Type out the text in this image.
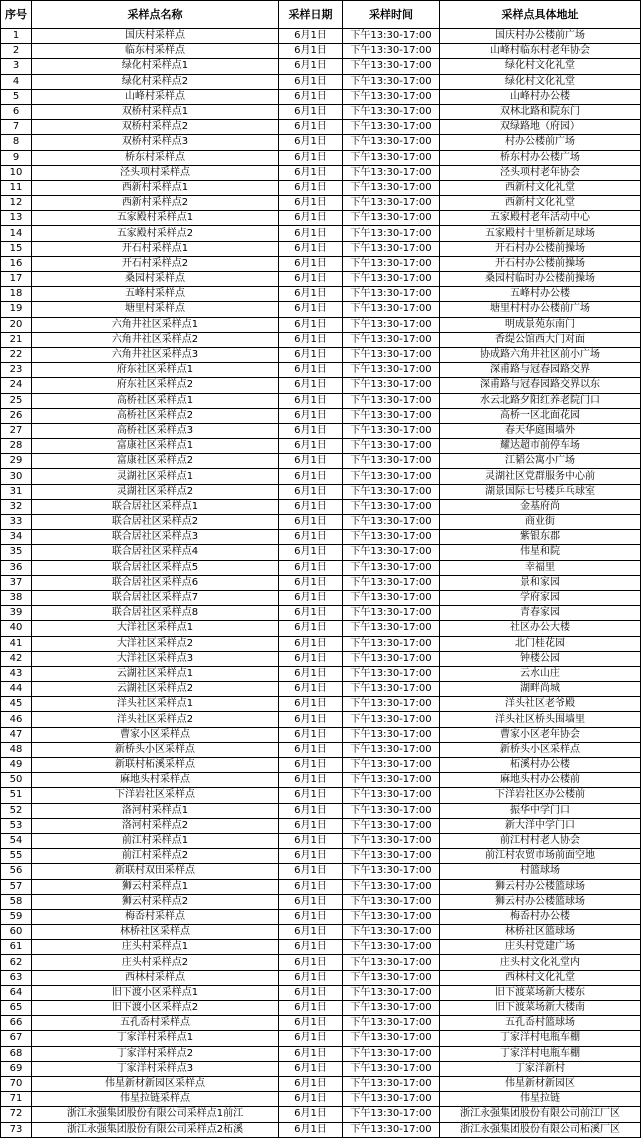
序号	采样点名称	采样日期	采样时间	采样点具体地址
1	国庆村采样点	6月1日	下午13:30-17:00	国庆村办公楼前广场
2	临东村采样点	6月1日	下午13:30-17:00	山峰村临东村老年协会
3	绿化村采样点1	6月1日	下午13:30-17:00	绿化村文化礼堂
4	绿化村采样点2	6月1日	下午13:30-17:00	绿化村文化礼堂
5	山峰村采样点	6月1日	下午13:30-17:00	山峰村办公楼
6	双桥村采样点1	6月1日	下午13:30-17:00	双林北路和院东门
7	双桥村采样点2	6月1日	下午13:30-17:00	双绿路地（府园）
8	双桥村采样点3	6月1日	下午13:30-17:00	村办公楼前广场
9	桥东村采样点	6月1日	下午13:30-17:00	桥东村办公楼广场
10	泾头项村采样点	6月1日	下午13:30-17:00	泾头项村老年协会
11	西新村采样点1	6月1日	下午13:30-17:00	西新村文化礼堂
12	西新村采样点2	6月1日	下午13:30-17:00	西新村文化礼堂
13	五家殿村采样点1	6月1日	下午13:30-17:00	五家殿村老年活动中心
14	五家殿村采样点2	6月1日	下午13:30-17:00	五家殿村十里桥新足球场
15	开石村采样点1	6月1日	下午13:30-17:00	开石村办公楼前操场
16	开石村采样点2	6月1日	下午13:30-17:00	开石村办公楼前操场
17	桑园村采样点	6月1日	下午13:30-17:00	桑园村临时办公楼前操场
18	五峰村采样点	6月1日	下午13:30-17:00	五峰村办公楼
19	塘里村采样点	6月1日	下午13:30-17:00	塘里村村办公楼前广场
20	六角井社区采样点1	6月1日	下午13:30-17:00	明成景苑东南门
21	六角井社区采样点2	6月1日	下午13:30-17:00	香缇公馆西大门对面
22	六角井社区采样点3	6月1日	下午13:30-17:00	协成路六角井社区前小广场
23	府东社区采样点1	6月1日	下午13:30-17:00	深甫路与冠春园路交界
24	府东社区采样点2	6月1日	下午13:30-17:00	深甫路与冠春园路交界以东
25	高桥社区采样点1	6月1日	下午13:30-17:00	水云北路夕阳红养老院门口
26	高桥社区采样点2	6月1日	下午13:30-17:00	高桥一区北面花园
27	高桥社区采样点3	6月1日	下午13:30-17:00	春天华庭围墙外
28	富康社区采样点1	6月1日	下午13:30-17:00	耀达超市前停车场
29	富康社区采样点2	6月1日	下午13:30-17:00	江韬公寓小广场
30	灵湖社区采样点1	6月1日	下午13:30-17:00	灵湖社区党群服务中心前
31	灵湖社区采样点2	6月1日	下午13:30-17:00	湖景国际七号楼乒乓球室
32	联合居社区采样点1	6月1日	下午13:30-17:00	金基府尚
33	联合居社区采样点2	6月1日	下午13:30-17:00	商业街
34	联合居社区采样点3	6月1日	下午13:30-17:00	紫银东郡
35	联合居社区采样点4	6月1日	下午13:30-17:00	伟星和院
36	联合居社区采样点5	6月1日	下午13:30-17:00	幸福里
37	联合居社区采样点6	6月1日	下午13:30-17:00	景和家园
38	联合居社区采样点7	6月1日	下午13:30-17:00	学府家园
39	联合居社区采样点8	6月1日	下午13:30-17:00	青春家园
40	大洋社区采样点1	6月1日	下午13:30-17:00	社区办公大楼
41	大洋社区采样点2	6月1日	下午13:30-17:00	北门桂花园
42	大洋社区采样点3	6月1日	下午13:30-17:00	钟楼公园
43	云湖社区采样点1	6月1日	下午13:30-17:00	云水山庄
44	云湖社区采样点2	6月1日	下午13:30-17:00	湖畔尚城
45	洋头社区采样点1	6月1日	下午13:30-17:00	洋头社区老爷殿
46	洋头社区采样点2	6月1日	下午13:30-17:00	洋头社区桥头围墙里
47	曹家小区采样点	6月1日	下午13:30-17:00	曹家小区老年协会
48	新桥头小区采样点	6月1日	下午13:30-17:00	新桥头小区采样点
49	新联村柘溪采样点	6月1日	下午13:30-17:00	柘溪村办公楼
50	麻地头村采样点	6月1日	下午13:30-17:00	麻地头村办公楼前
51	下洋岩社区采样点	6月1日	下午13:30-17:00	下洋岩社区办公楼前
52	洛河村采样点1	6月1日	下午13:30-17:00	振华中学门口
53	洛河村采样点2	6月1日	下午13:30-17:00	新大洋中学门口
54	前江村采样点1	6月1日	下午13:30-17:00	前江村村老人协会
55	前江村采样点2	6月1日	下午13:30-17:00	前江村农贸市场前面空地
56	新联村双田采样点	6月1日	下午13:30-17:00	村篮球场
57	狮云村采样点1	6月1日	下午13:30-17:00	狮云村办公楼篮球场
58	狮云村采样点2	6月1日	下午13:30-17:00	狮云村办公楼篮球场
59	梅岙村采样点	6月1日	下午13:30-17:00	梅岙村办公楼
60	林桥社区采样点	6月1日	下午13:30-17:00	林桥社区篮球场
61	庄头村采样点1	6月1日	下午13:30-17:00	庄头村党建广场
62	庄头村采样点2	6月1日	下午13:30-17:00	庄头村文化礼堂内
63	西林村采样点	6月1日	下午13:30-17:00	西林村文化礼堂
64	旧下渡小区采样点1	6月1日	下午13:30-17:00	旧下渡菜场新大楼东
65	旧下渡小区采样点2	6月1日	下午13:30-17:00	旧下渡菜场新大楼南
66	五孔岙村采样点	6月1日	下午13:30-17:00	五孔岙村篮球场
67	丁家洋村采样点1	6月1日	下午13:30-17:00	丁家洋村电瓶车棚
68	丁家洋村采样点2	6月1日	下午13:30-17:00	丁家洋村电瓶车棚
69	丁家洋村采样点3	6月1日	下午13:30-17:00	丁家洋新村
70	伟星新材新园区采样点	6月1日	下午13:30-17:00	伟星新材新园区
71	伟星拉链采样点	6月1日	下午13:30-17:00	伟星拉链
72	浙江永强集团股份有限公司采样点1前江	6月1日	下午13:30-17:00	浙江永强集团股份有限公司前江厂区
73	浙江永强集团股份有限公司采样点2柘溪	6月1日	下午13:30-17:00	浙江永强集团股份有限公司柘溪厂区
